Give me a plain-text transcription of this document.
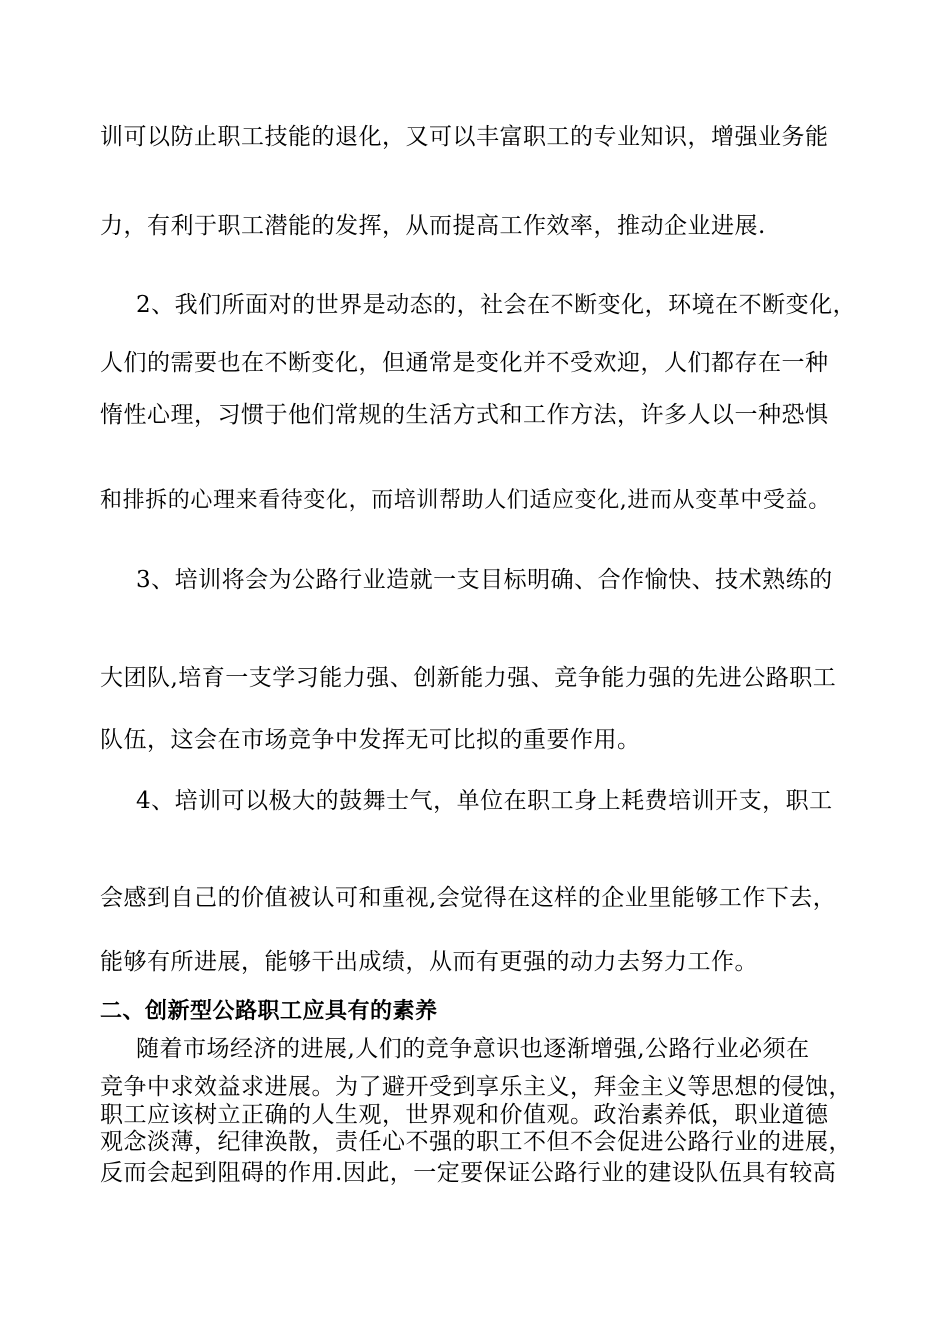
训可以防止职工技能的退化，又可以丰富职工的专业知识，增强业务能
力，有利于职工潜能的发挥，从而提高工作效率，推动企业进展.
2、我们所面对的世界是动态的，社会在不断变化，环境在不断变化，
人们的需要也在不断变化，但通常是变化并不受欢迎，人们都存在一种
惰性心理，习惯于他们常规的生活方式和工作方法，许多人以一种恐惧
和排拆的心理来看待变化，而培训帮助人们适应变化,进而从变革中受益。
3、培训将会为公路行业造就一支目标明确、合作愉快、技术熟练的
大团队,培育一支学习能力强、创新能力强、竞争能力强的先进公路职工
队伍，这会在市场竞争中发挥无可比拟的重要作用。
4、培训可以极大的鼓舞士气，单位在职工身上耗费培训开支，职工
会感到自己的价值被认可和重视,会觉得在这样的企业里能够工作下去，
能够有所进展，能够干出成绩，从而有更强的动力去努力工作。
二、创新型公路职工应具有的素养
随着市场经济的进展,人们的竞争意识也逐渐增强,公路行业必须在
竞争中求效益求进展。为了避开受到享乐主义，拜金主义等思想的侵蚀，
职工应该树立正确的人生观，世界观和价值观。政治素养低，职业道德
观念淡薄，纪律涣散，责任心不强的职工不但不会促进公路行业的进展，
反而会起到阻碍的作用.因此，一定要保证公路行业的建设队伍具有较高
